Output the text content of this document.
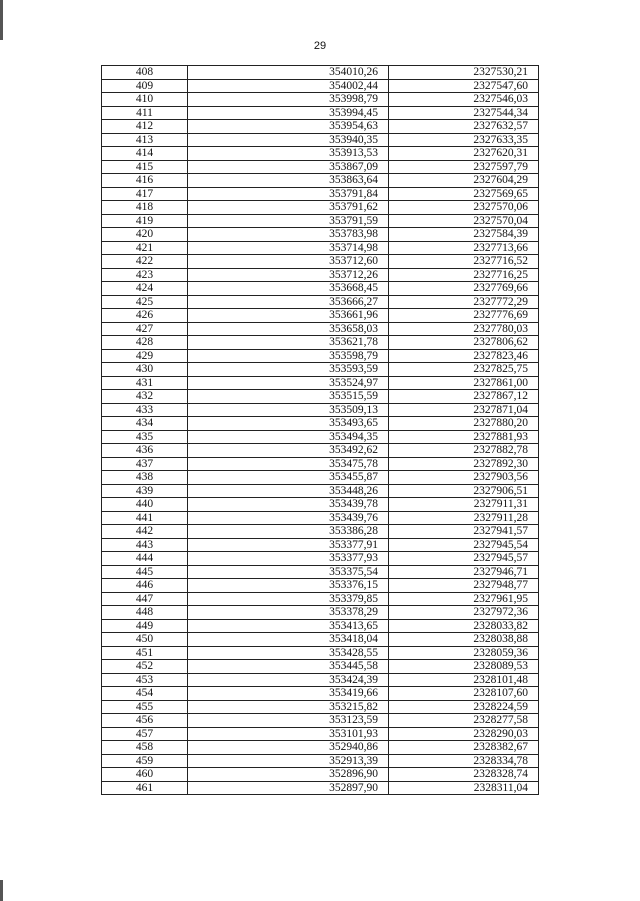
29
408	354010,26	2327530,21
409	354002,44	2327547,60
410	353998,79	2327546,03
411	353994,45	2327544,34
412	353954,63	2327632,57
413	353940,35	2327633,35
414	353913,53	2327620,31
415	353867,09	2327597,79
416	353863,64	2327604,29
417	353791,84	2327569,65
418	353791,62	2327570,06
419	353791,59	2327570,04
420	353783,98	2327584,39
421	353714,98	2327713,66
422	353712,60	2327716,52
423	353712,26	2327716,25
424	353668,45	2327769,66
425	353666,27	2327772,29
426	353661,96	2327776,69
427	353658,03	2327780,03
428	353621,78	2327806,62
429	353598,79	2327823,46
430	353593,59	2327825,75
431	353524,97	2327861,00
432	353515,59	2327867,12
433	353509,13	2327871,04
434	353493,65	2327880,20
435	353494,35	2327881,93
436	353492,62	2327882,78
437	353475,78	2327892,30
438	353455,87	2327903,56
439	353448,26	2327906,51
440	353439,78	2327911,31
441	353439,76	2327911,28
442	353386,28	2327941,57
443	353377,91	2327945,54
444	353377,93	2327945,57
445	353375,54	2327946,71
446	353376,15	2327948,77
447	353379,85	2327961,95
448	353378,29	2327972,36
449	353413,65	2328033,82
450	353418,04	2328038,88
451	353428,55	2328059,36
452	353445,58	2328089,53
453	353424,39	2328101,48
454	353419,66	2328107,60
455	353215,82	2328224,59
456	353123,59	2328277,58
457	353101,93	2328290,03
458	352940,86	2328382,67
459	352913,39	2328334,78
460	352896,90	2328328,74
461	352897,90	2328311,04
